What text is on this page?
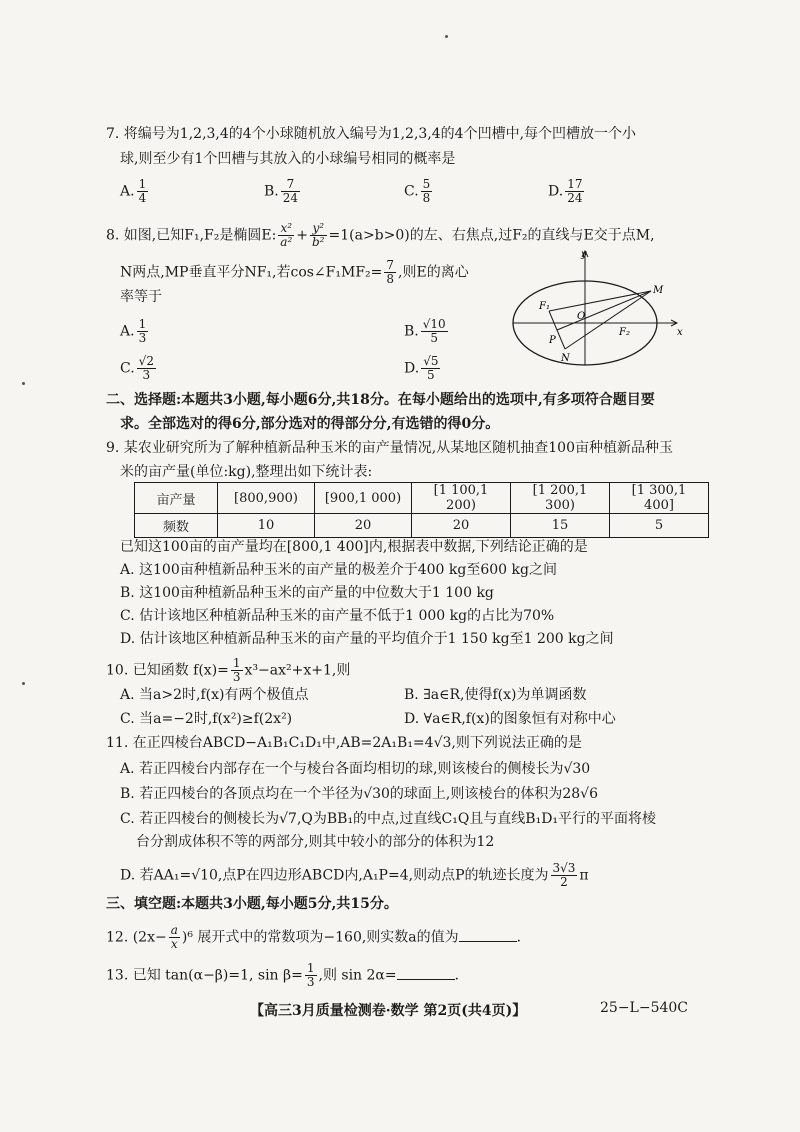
7. 将编号为1,2,3,4的4个小球随机放入编号为1,2,3,4的4个凹槽中,每个凹槽放一个小
球,则至少有1个凹槽与其放入的小球编号相同的概率是
A. $\frac{1}{4}$	B. $\frac{7}{24}$	C. $\frac{5}{8}$	D. $\frac{17}{24}$
8. 如图,已知F₁,F₂是椭圆E: $\frac{\text{x²}}{\text{a²}} + \frac{\text{y²}}{\text{b²}} =1(a>b>0)$的左、右焦点,过F₂的直线与E交于点M,
N两点,MP垂直平分NF₁,若cos∠F₁MF₂= $\frac{7}{8}$ ,则E的离心
率等于
A. $\frac{1}{3}$	B. $\frac{√10}{5}$
C. $\frac{√2}{3}$	D. $\frac{√5}{5}$
y
x
M
F₁
O
F₂
P
N
二、选择题:本题共3小题,每小题6分,共18分。在每小题给出的选项中,有多项符合题目要
求。全部选对的得6分,部分选对的得部分分,有选错的得0分。
9. 某农业研究所为了解种植新品种玉米的亩产量情况,从某地区随机抽查100亩种植新品种玉
米的亩产量(单位:kg),整理出如下统计表:
亩产量	[800,900)	[900,1 000)	[1 100,1 200)	[1 200,1 300)	[1 300,1 400]
频数	10	20	20	15	5
已知这100亩的亩产量均在[800,1 400]内,根据表中数据,下列结论正确的是
A. 这100亩种植新品种玉米的亩产量的极差介于400 kg至600 kg之间
B. 这100亩种植新品种玉米的亩产量的中位数大于1 100 kg
C. 估计该地区种植新品种玉米的亩产量不低于1 000 kg的占比为70%
D. 估计该地区种植新品种玉米的亩产量的平均值介于1 150 kg至1 200 kg之间
10. 已知函数 $f(x)= \frac{1}{3} x^3-ax^2+x+1$,则
A. 当a>2时,f(x)有两个极值点	B. ∃a∈R,使得f(x)为单调函数
C. 当a=−2时,f(x²)≥f(2x²)	D. ∀a∈R,f(x)的图象恒有对称中心
11. 在正四棱台ABCD−A₁B₁C₁D₁中,AB=2A₁B₁=4√3,则下列说法正确的是
A. 若正四棱台内部存在一个与棱台各面均相切的球,则该棱台的侧棱长为√30
B. 若正四棱台的各顶点均在一个半径为√30的球面上,则该棱台的体积为28√6
C. 若正四棱台的侧棱长为√7,Q为BB₁的中点,过直线C₁Q且与直线B₁D₁平行的平面将棱
台分割成体积不等的两部分,则其中较小的部分的体积为12
D. 若AA₁=√10,点P在四边形ABCD内,A₁P=4,则动点P的轨迹长度为 $\frac{3√3}{2}$ π
三、填空题:本题共3小题,每小题5分,共15分。
12. $(2x- \frac{a}{x} )^6$ 展开式中的常数项为−160,则实数a的值为	.
13. 已知 tan(α−β)=1, $\sin \beta= \frac{1}{3}$ ,则 sin 2α=	.
【高三3月质量检测卷·数学 第2页(共4页)】	25−L−540C
